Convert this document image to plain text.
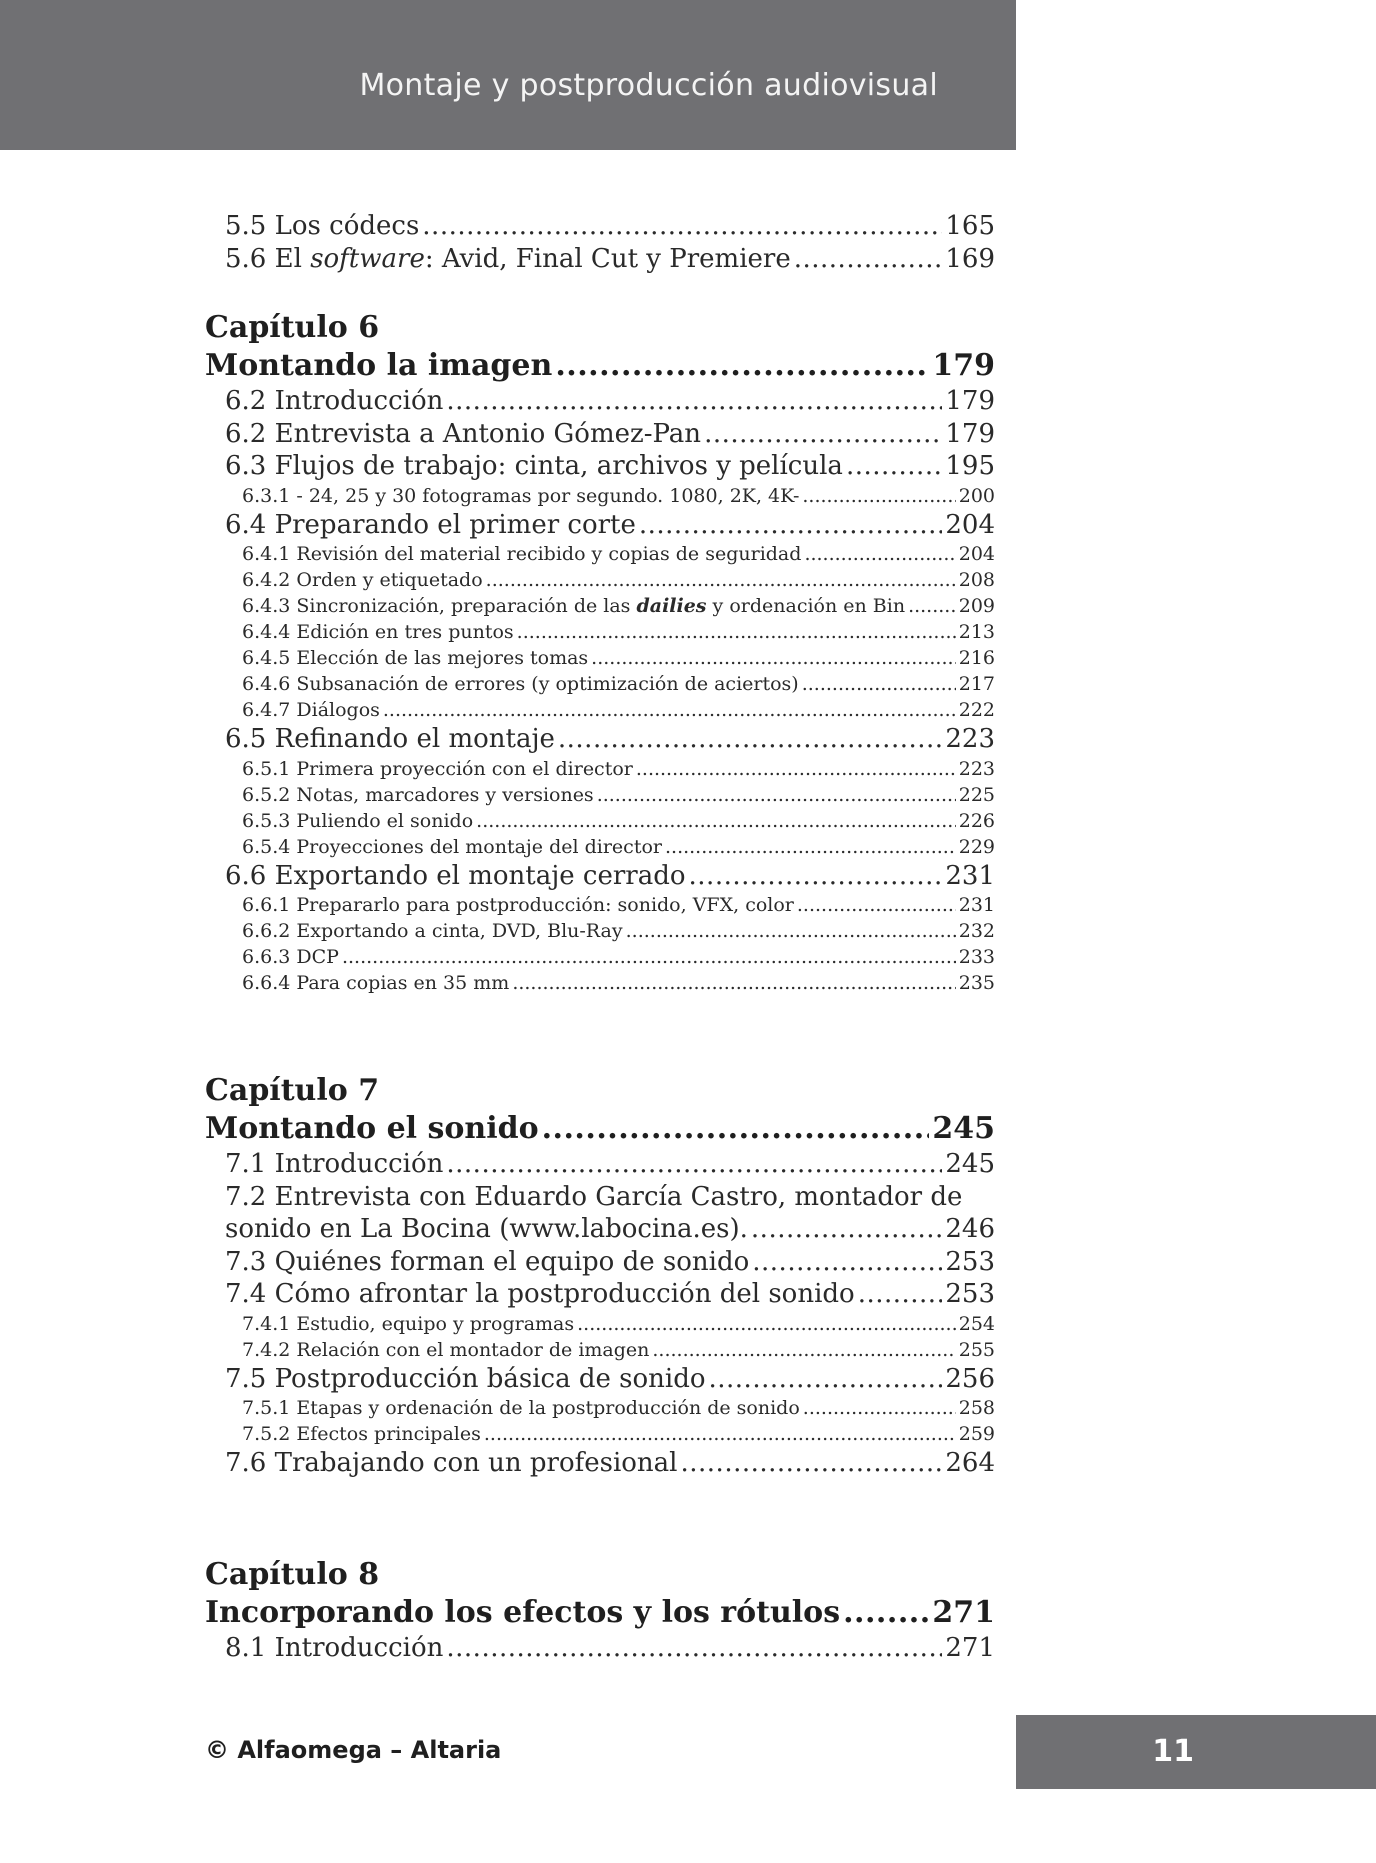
Montaje y postproducción audiovisual
5.5 Los códecs .....	165
5.6 El software: Avid, Final Cut y Premiere .....	169
Capítulo 6
Montando la imagen .....	179
6.2 Introducción .....	179
6.2 Entrevista a Antonio Gómez-Pan .....	179
6.3 Flujos de trabajo: cinta, archivos y película .....	195
6.3.1 - 24, 25 y 30 fotogramas por segundo. 1080, 2K, 4K- .....	200
6.4 Preparando el primer corte .....	204
6.4.1 Revisión del material recibido y copias de seguridad .....	204
6.4.2 Orden y etiquetado .....	208
6.4.3 Sincronización, preparación de las dailies y ordenación en Bin .....	209
6.4.4 Edición en tres puntos .....	213
6.4.5 Elección de las mejores tomas .....	216
6.4.6 Subsanación de errores (y optimización de aciertos) .....	217
6.4.7 Diálogos .....	222
6.5 Refinando el montaje .....	223
6.5.1 Primera proyección con el director .....	223
6.5.2 Notas, marcadores y versiones .....	225
6.5.3 Puliendo el sonido .....	226
6.5.4 Proyecciones del montaje del director .....	229
6.6 Exportando el montaje cerrado .....	231
6.6.1 Prepararlo para postproducción: sonido, VFX, color .....	231
6.6.2 Exportando a cinta, DVD, Blu-Ray .....	232
6.6.3 DCP .....	233
6.6.4 Para copias en 35 mm .....	235
Capítulo 7
Montando el sonido .....	245
7.1 Introducción .....	245
7.2 Entrevista con Eduardo García Castro, montador de
sonido en La Bocina (www.labocina.es). .....	246
7.3 Quiénes forman el equipo de sonido .....	253
7.4 Cómo afrontar la postproducción del sonido .....	253
7.4.1 Estudio, equipo y programas .....	254
7.4.2 Relación con el montador de imagen .....	255
7.5 Postproducción básica de sonido .....	256
7.5.1 Etapas y ordenación de la postproducción de sonido .....	258
7.5.2 Efectos principales .....	259
7.6 Trabajando con un profesional .....	264
Capítulo 8
Incorporando los efectos y los rótulos .....	271
8.1 Introducción .....	271
© Alfaomega – Altaria	11
